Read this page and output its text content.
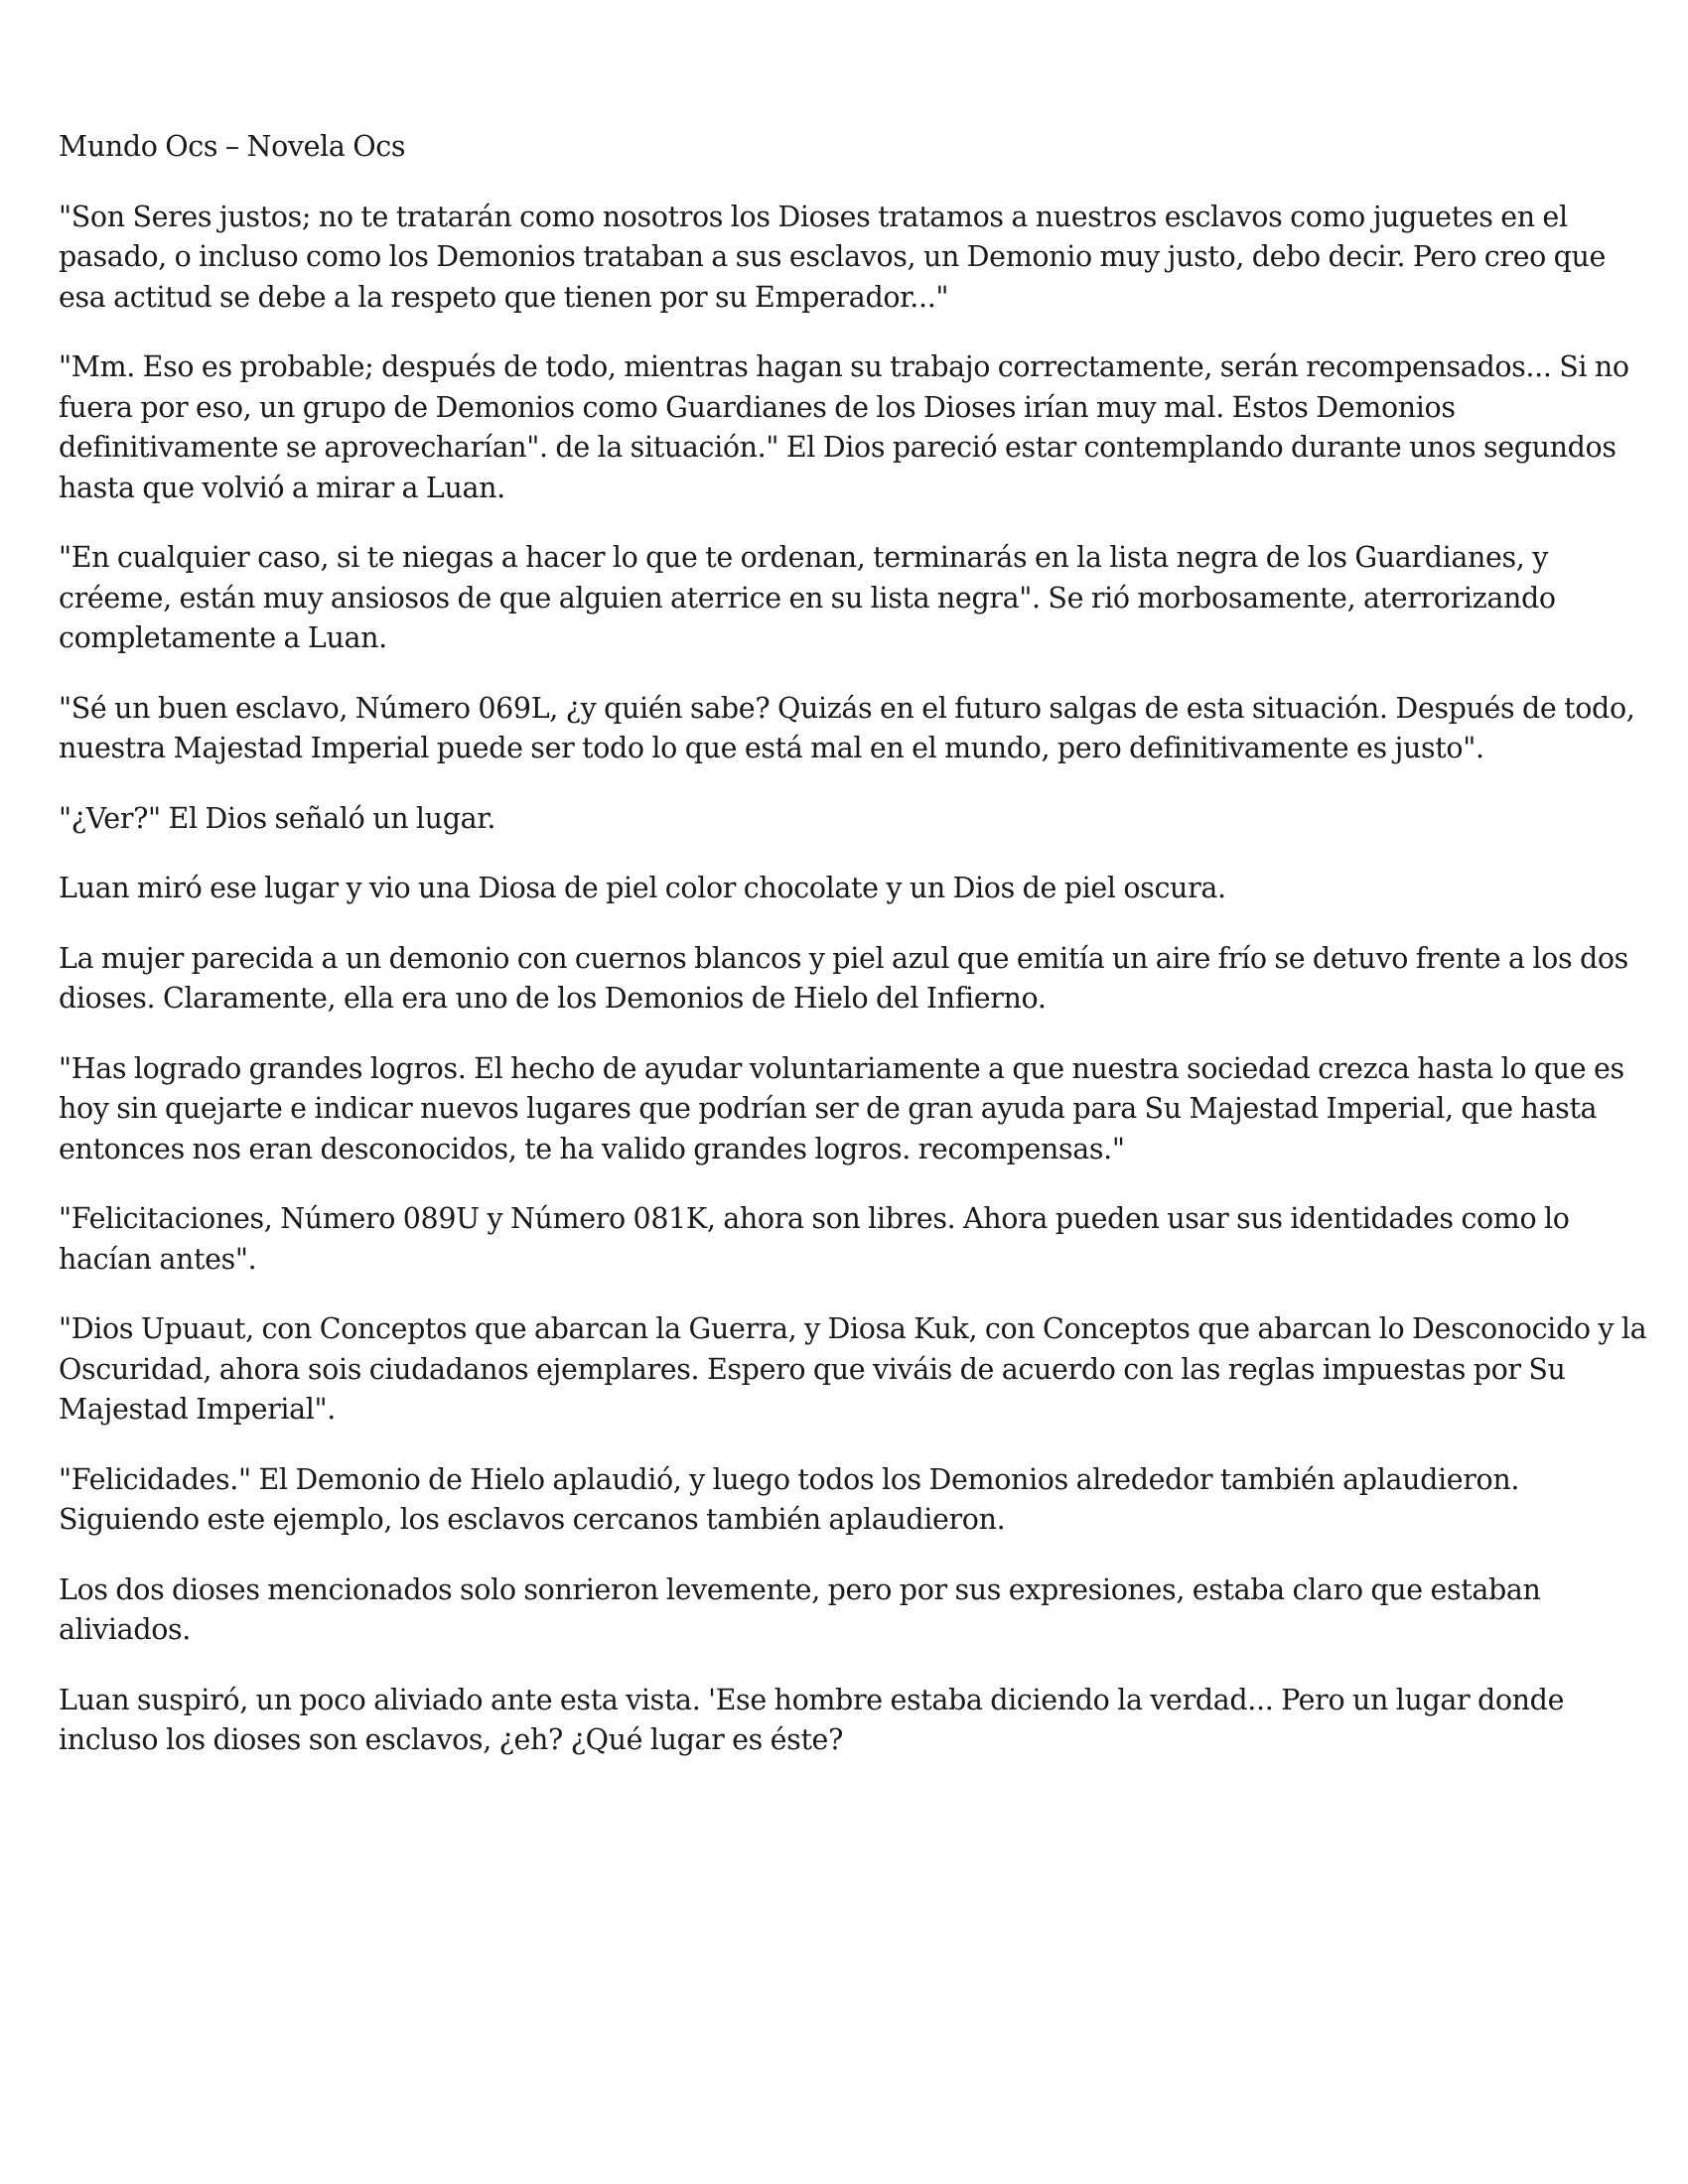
Mundo Ocs – Novela Ocs

"Son Seres justos; no te tratarán como nosotros los Dioses tratamos a nuestros esclavos como juguetes en el pasado, o incluso como los Demonios trataban a sus esclavos, un Demonio muy justo, debo decir. Pero creo que esa actitud se debe a la respeto que tienen por su Emperador..."

"Mm. Eso es probable; después de todo, mientras hagan su trabajo correctamente, serán recompensados... Si no fuera por eso, un grupo de Demonios como Guardianes de los Dioses irían muy mal. Estos Demonios definitivamente se aprovecharían". de la situación." El Dios pareció estar contemplando durante unos segundos hasta que volvió a mirar a Luan.

"En cualquier caso, si te niegas a hacer lo que te ordenan, terminarás en la lista negra de los Guardianes, y créeme, están muy ansiosos de que alguien aterrice en su lista negra". Se rió morbosamente, aterrorizando completamente a Luan.

"Sé un buen esclavo, Número 069L, ¿y quién sabe? Quizás en el futuro salgas de esta situación. Después de todo, nuestra Majestad Imperial puede ser todo lo que está mal en el mundo, pero definitivamente es justo".

"¿Ver?" El Dios señaló un lugar.

Luan miró ese lugar y vio una Diosa de piel color chocolate y un Dios de piel oscura.

La mujer parecida a un demonio con cuernos blancos y piel azul que emitía un aire frío se detuvo frente a los dos dioses. Claramente, ella era uno de los Demonios de Hielo del Infierno.

"Has logrado grandes logros. El hecho de ayudar voluntariamente a que nuestra sociedad crezca hasta lo que es hoy sin quejarte e indicar nuevos lugares que podrían ser de gran ayuda para Su Majestad Imperial, que hasta entonces nos eran desconocidos, te ha valido grandes logros. recompensas."

"Felicitaciones, Número 089U y Número 081K, ahora son libres. Ahora pueden usar sus identidades como lo hacían antes".

"Dios Upuaut, con Conceptos que abarcan la Guerra, y Diosa Kuk, con Conceptos que abarcan lo Desconocido y la Oscuridad, ahora sois ciudadanos ejemplares. Espero que viváis de acuerdo con las reglas impuestas por Su Majestad Imperial".

"Felicidades." El Demonio de Hielo aplaudió, y luego todos los Demonios alrededor también aplaudieron. Siguiendo este ejemplo, los esclavos cercanos también aplaudieron.

Los dos dioses mencionados solo sonrieron levemente, pero por sus expresiones, estaba claro que estaban aliviados.

Luan suspiró, un poco aliviado ante esta vista. 'Ese hombre estaba diciendo la verdad... Pero un lugar donde incluso los dioses son esclavos, ¿eh? ¿Qué lugar es éste?
